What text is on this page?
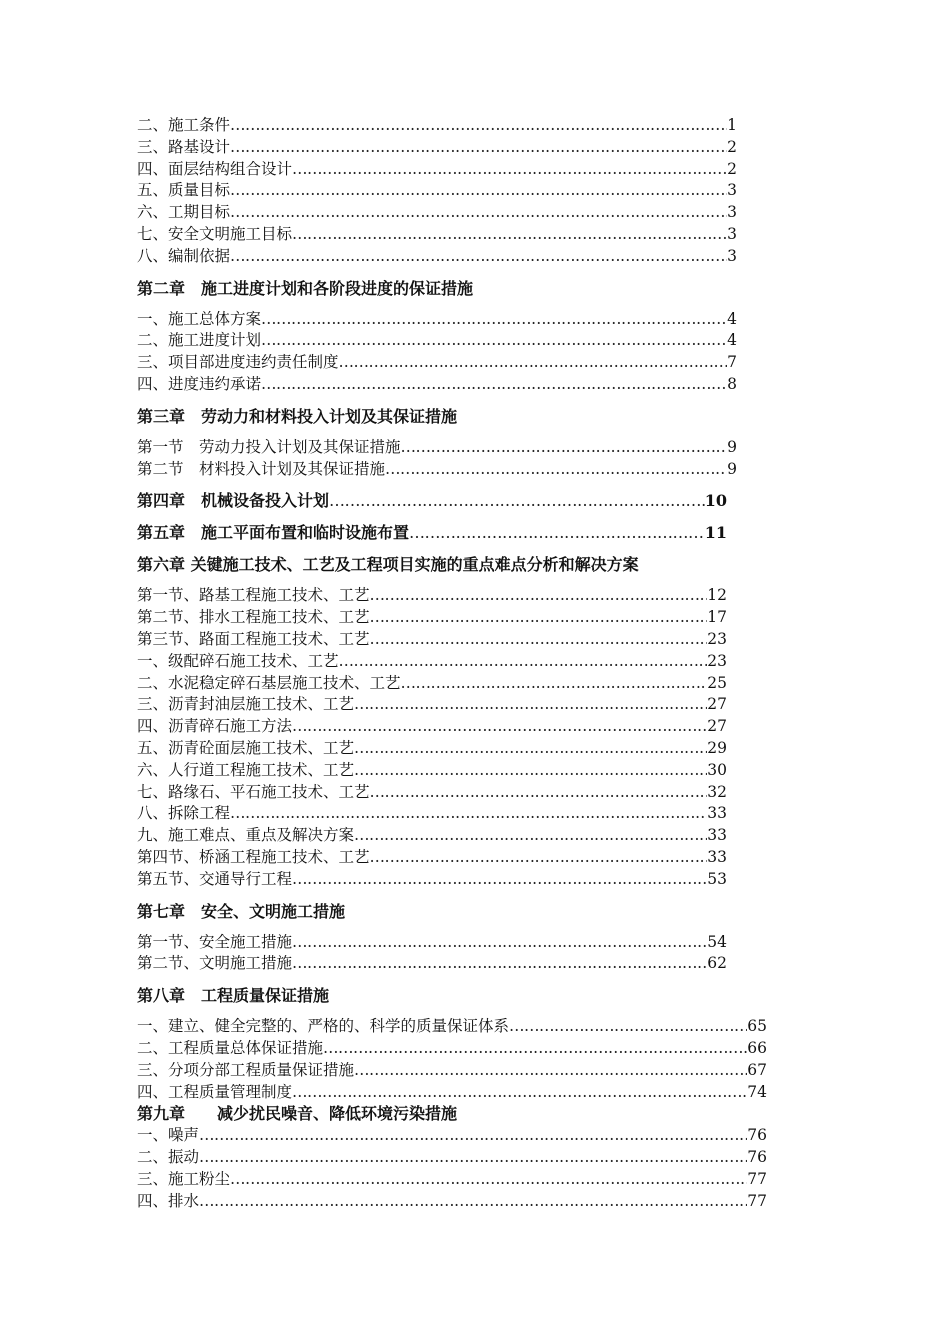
二、施工条件 ………………………………………………………………………………………………………………………………………………………………………………………………………………	1
三、路基设计 ………………………………………………………………………………………………………………………………………………………………………………………………………………	2
四、面层结构组合设计 ………………………………………………………………………………………………………………………………………………………………………………………………………………	2
五、质量目标 ………………………………………………………………………………………………………………………………………………………………………………………………………………	3
六、工期目标 ………………………………………………………………………………………………………………………………………………………………………………………………………………	3
七、安全文明施工目标 ………………………………………………………………………………………………………………………………………………………………………………………………………………	3
八、编制依据 ………………………………………………………………………………………………………………………………………………………………………………………………………………	3
第二章　施工进度计划和各阶段进度的保证措施
一、施工总体方案 ………………………………………………………………………………………………………………………………………………………………………………………………………………	4
二、施工进度计划 ………………………………………………………………………………………………………………………………………………………………………………………………………………	4
三、项目部进度违约责任制度 ………………………………………………………………………………………………………………………………………………………………………………………………………………	7
四、进度违约承诺 ………………………………………………………………………………………………………………………………………………………………………………………………………………	8
第三章　劳动力和材料投入计划及其保证措施
第一节　劳动力投入计划及其保证措施 ………………………………………………………………………………………………………………………………………………………………………………………………………………	9
第二节　材料投入计划及其保证措施 ………………………………………………………………………………………………………………………………………………………………………………………………………………	9
第四章　机械设备投入计划 ………………………………………………………………………………………………………………………………………………………………………………………………………………	10
第五章　施工平面布置和临时设施布置 ………………………………………………………………………………………………………………………………………………………………………………………………………………	11
第六章 关键施工技术、工艺及工程项目实施的重点难点分析和解决方案
第一节、路基工程施工技术、工艺 ………………………………………………………………………………………………………………………………………………………………………………………………………………	12
第二节、排水工程施工技术、工艺 ………………………………………………………………………………………………………………………………………………………………………………………………………………	17
第三节、路面工程施工技术、工艺 ………………………………………………………………………………………………………………………………………………………………………………………………………………	23
一、级配碎石施工技术、工艺 ………………………………………………………………………………………………………………………………………………………………………………………………………………	23
二、水泥稳定碎石基层施工技术、工艺 ………………………………………………………………………………………………………………………………………………………………………………………………………………	25
三、沥青封油层施工技术、工艺 ………………………………………………………………………………………………………………………………………………………………………………………………………………	27
四、沥青碎石施工方法 ………………………………………………………………………………………………………………………………………………………………………………………………………………	27
五、沥青砼面层施工技术、工艺 ………………………………………………………………………………………………………………………………………………………………………………………………………………	29
六、人行道工程施工技术、工艺 ………………………………………………………………………………………………………………………………………………………………………………………………………………	30
七、路缘石、平石施工技术、工艺 ………………………………………………………………………………………………………………………………………………………………………………………………………………	32
八、拆除工程 ………………………………………………………………………………………………………………………………………………………………………………………………………………	33
九、施工难点、重点及解决方案 ………………………………………………………………………………………………………………………………………………………………………………………………………………	33
第四节、桥涵工程施工技术、工艺 ………………………………………………………………………………………………………………………………………………………………………………………………………………	33
第五节、交通导行工程 ………………………………………………………………………………………………………………………………………………………………………………………………………………	53
第七章　安全、文明施工措施
第一节、安全施工措施 ………………………………………………………………………………………………………………………………………………………………………………………………………………	54
第二节、文明施工措施 ………………………………………………………………………………………………………………………………………………………………………………………………………………	62
第八章　工程质量保证措施
一、建立、健全完整的、严格的、科学的质量保证体系 ………………………………………………………………………………………………………………………………………………………………………………………………………………	65
二、工程质量总体保证措施 ………………………………………………………………………………………………………………………………………………………………………………………………………………	66
三、分项分部工程质量保证措施 ………………………………………………………………………………………………………………………………………………………………………………………………………………	67
四、工程质量管理制度 ………………………………………………………………………………………………………………………………………………………………………………………………………………	74
第九章　　减少扰民噪音、降低环境污染措施
一、噪声 ………………………………………………………………………………………………………………………………………………………………………………………………………………	76
二、振动 ………………………………………………………………………………………………………………………………………………………………………………………………………………	76
三、施工粉尘 ………………………………………………………………………………………………………………………………………………………………………………………………………………	77
四、排水 ………………………………………………………………………………………………………………………………………………………………………………………………………………	77
